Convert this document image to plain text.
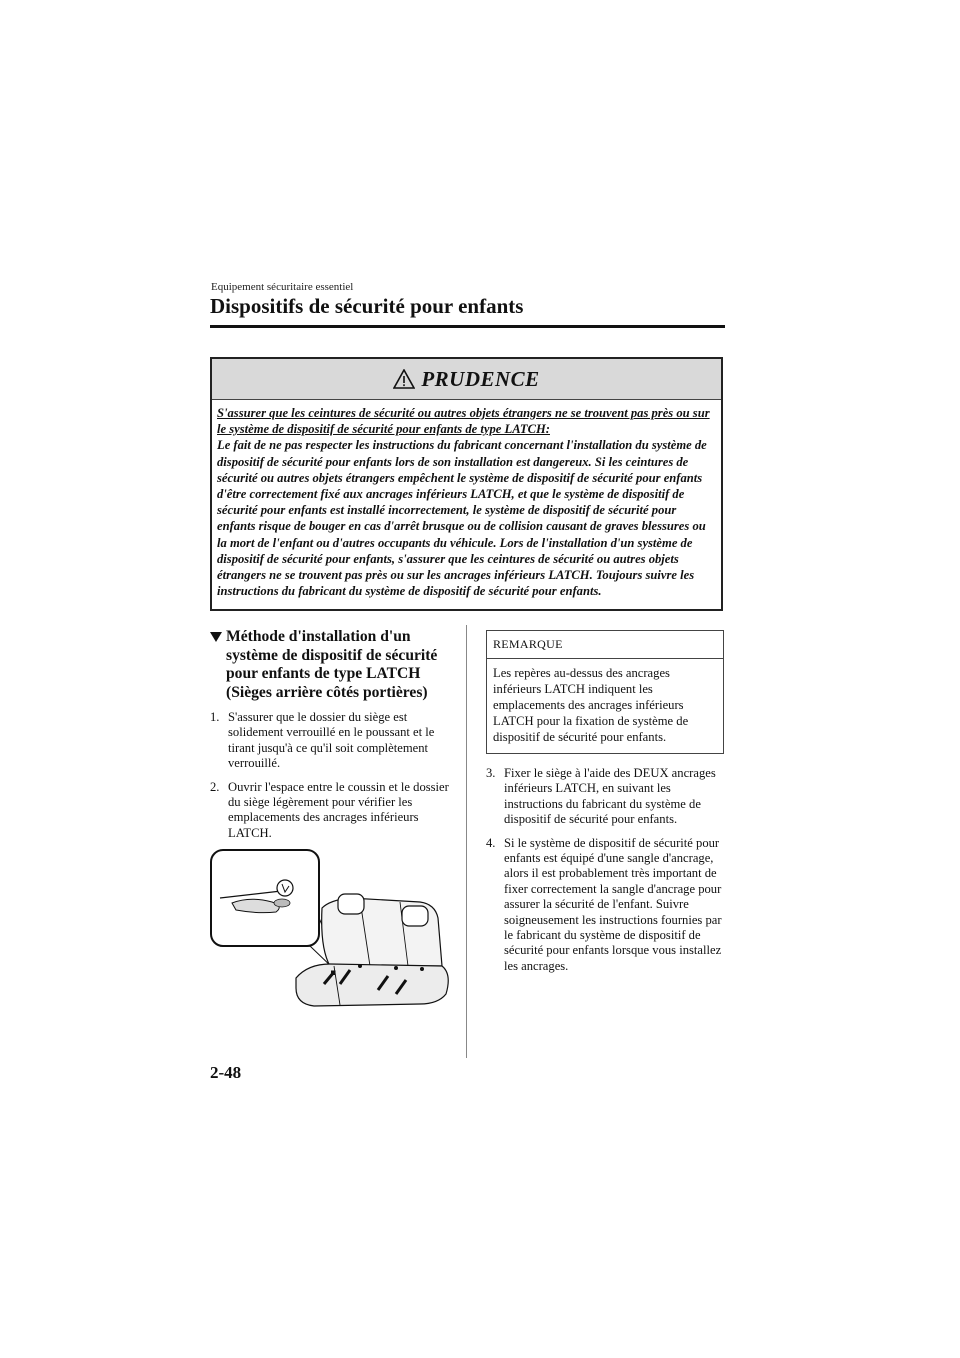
Equipement sécuritaire essentiel
Dispositifs de sécurité pour enfants
PRUDENCE
S'assurer que les ceintures de sécurité ou autres objets étrangers ne se trouvent pas près ou sur le système de dispositif de sécurité pour enfants de type LATCH:

Le fait de ne pas respecter les instructions du fabricant concernant l'installation du système de dispositif de sécurité pour enfants lors de son installation est dangereux. Si les ceintures de sécurité ou autres objets étrangers empêchent le système de dispositif de sécurité pour enfants d'être correctement fixé aux ancrages inférieurs LATCH, et que le système de dispositif de sécurité pour enfants est installé incorrectement, le système de dispositif de sécurité pour enfants risque de bouger en cas d'arrêt brusque ou de collision causant de graves blessures ou la mort de l'enfant ou d'autres occupants du véhicule. Lors de l'installation d'un système de dispositif de sécurité pour enfants, s'assurer que les ceintures de sécurité ou autres objets étrangers ne se trouvent pas près ou sur les ancrages inférieurs LATCH. Toujours suivre les instructions du fabricant du système de dispositif de sécurité pour enfants.

Méthode d'installation d'un système de dispositif de sécurité pour enfants de type LATCH (Sièges arrière côtés portières)
1. S'assurer que le dossier du siège est solidement verrouillé en le poussant et le tirant jusqu'à ce qu'il soit complètement verrouillé.
2. Ouvrir l'espace entre le coussin et le dossier du siège légèrement pour vérifier les emplacements des ancrages inférieurs LATCH.
REMARQUE
Les repères au-dessus des ancrages inférieurs LATCH indiquent les emplacements des ancrages inférieurs LATCH pour la fixation de système de dispositif de sécurité pour enfants.
3. Fixer le siège à l'aide des DEUX ancrages inférieurs LATCH, en suivant les instructions du fabricant du système de dispositif de sécurité pour enfants.
4. Si le système de dispositif de sécurité pour enfants est équipé d'une sangle d'ancrage, alors il est probablement très important de fixer correctement la sangle d'ancrage pour assurer la sécurité de l'enfant. Suivre soigneusement les instructions fournies par le fabricant du système de dispositif de sécurité pour enfants lorsque vous installez les ancrages.
2-48
